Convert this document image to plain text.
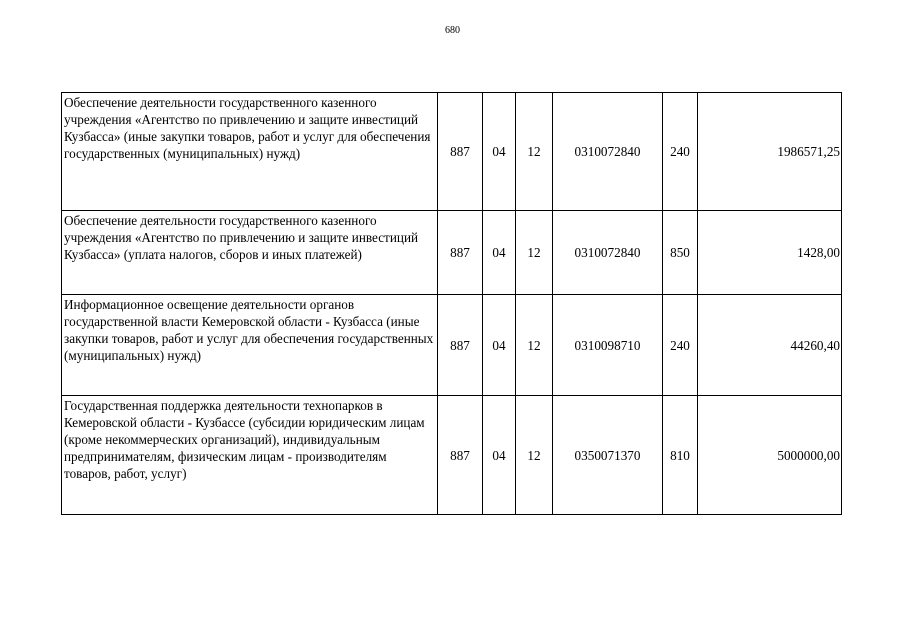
680
Обеспечение деятельности государственного казенного учреждения «Агентство по привлечению и защите инвестиций Кузбасса» (иные закупки товаров, работ и услуг для обеспечения государственных (муниципальных) нужд)	887	04	12	0310072840	240	1986571,25
Обеспечение деятельности государственного казенного учреждения «Агентство по привлечению и защите инвестиций Кузбасса» (уплата налогов, сборов и иных платежей)	887	04	12	0310072840	850	1428,00
Информационное освещение деятельности органов государственной власти Кемеровской области - Кузбасса (иные закупки товаров, работ и услуг для обеспечения государственных (муниципальных) нужд)	887	04	12	0310098710	240	44260,40
Государственная поддержка деятельности технопарков в Кемеровской области - Кузбассе (субсидии юридическим лицам (кроме некоммерческих организаций), индивидуальным предпринимателям, физическим лицам - производителям товаров, работ, услуг)	887	04	12	0350071370	810	5000000,00
